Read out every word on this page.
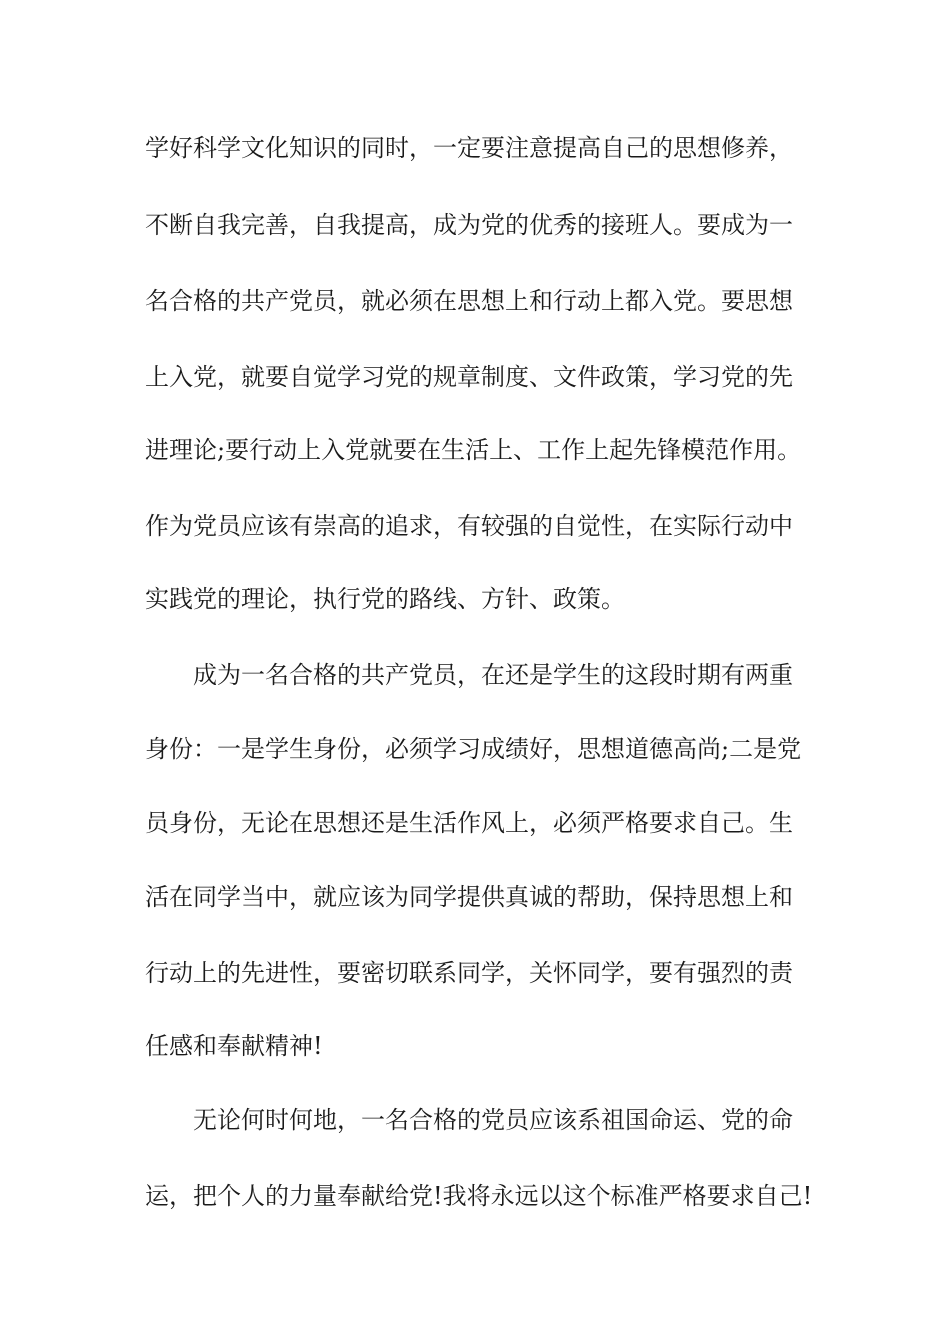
学好科学文化知识的同时，一定要注意提高自己的思想修养，
不断自我完善，自我提高，成为党的优秀的接班人。要成为一
名合格的共产党员，就必须在思想上和行动上都入党。要思想
上入党，就要自觉学习党的规章制度、文件政策，学习党的先
进理论;要行动上入党就要在生活上、工作上起先锋模范作用。
作为党员应该有崇高的追求，有较强的自觉性，在实际行动中
实践党的理论，执行党的路线、方针、政策。
成为一名合格的共产党员，在还是学生的这段时期有两重
身份：一是学生身份，必须学习成绩好，思想道德高尚;二是党
员身份，无论在思想还是生活作风上，必须严格要求自己。生
活在同学当中，就应该为同学提供真诚的帮助，保持思想上和
行动上的先进性，要密切联系同学，关怀同学，要有强烈的责
任感和奉献精神!
无论何时何地，一名合格的党员应该系祖国命运、党的命
运，把个人的力量奉献给党!我将永远以这个标准严格要求自己!
